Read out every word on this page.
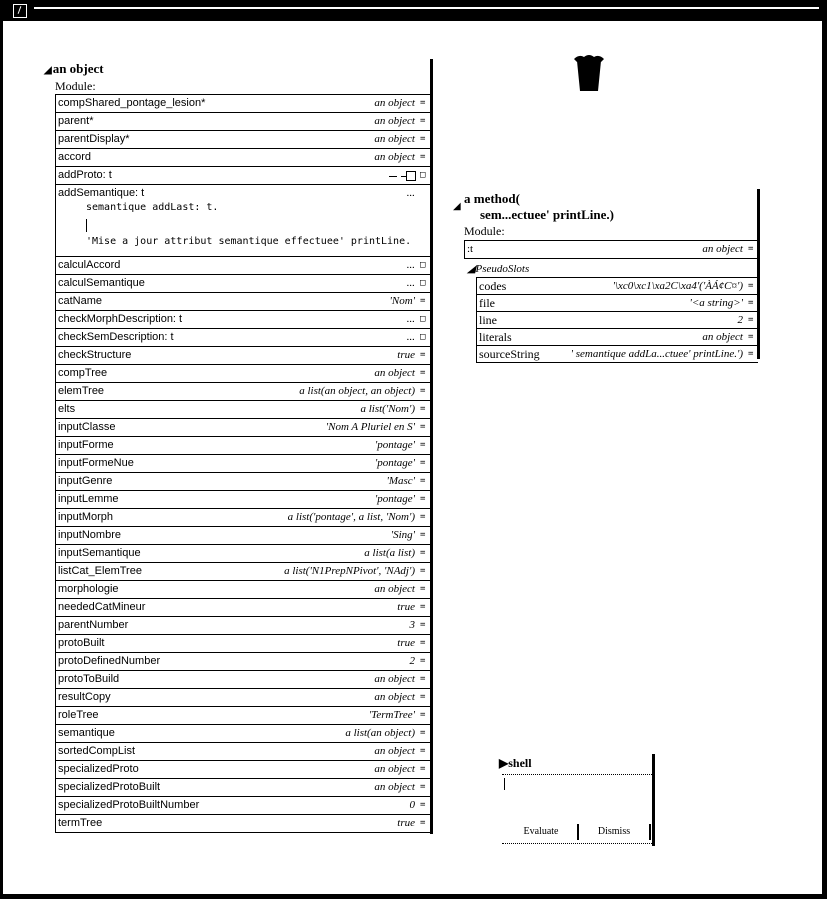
◢an object
Module:
compShared_pontage_lesion*	an object =
parent*	an object =
parentDisplay*	an object =
accord	an object =
addProto: t	□
addSemantique: t	...
semantique addLast: t.
'Mise a jour attribut semantique effectuee' printLine.
calculAccord	... □
calculSemantique	... □
catName	'Nom' =
checkMorphDescription: t	... □
checkSemDescription: t	... □
checkStructure	true =
compTree	an object =
elemTree	a list(an object, an object) =
elts	a list('Nom') =
inputClasse	'Nom A Pluriel en S' =
inputForme	'pontage' =
inputFormeNue	'pontage' =
inputGenre	'Masc' =
inputLemme	'pontage' =
inputMorph	a list('pontage', a list, 'Nom') =
inputNombre	'Sing' =
inputSemantique	a list(a list) =
listCat_ElemTree	a list('N1PrepNPivot', 'NAdj') =
morphologie	an object =
neededCatMineur	true =
parentNumber	3 =
protoBuilt	true =
protoDefinedNumber	2 =
protoToBuild	an object =
resultCopy	an object =
roleTree	'TermTree' =
semantique	a list(an object) =
sortedCompList	an object =
specializedProto	an object =
specializedProtoBuilt	an object =
specializedProtoBuiltNumber	0 =
termTree	true =
◢
a method(
sem...ectuee' printLine.)
Module:
:t	an object =
◢PseudoSlots
codes	'\xc0\xc1\xa2C\xa4'('ÀÁ¢C¤') =
file	'<a string>' =
line	2 =
literals	an object =
sourceString	' semantique addLa...ctuee' printLine.') =
▶shell
Evaluate	Dismiss
